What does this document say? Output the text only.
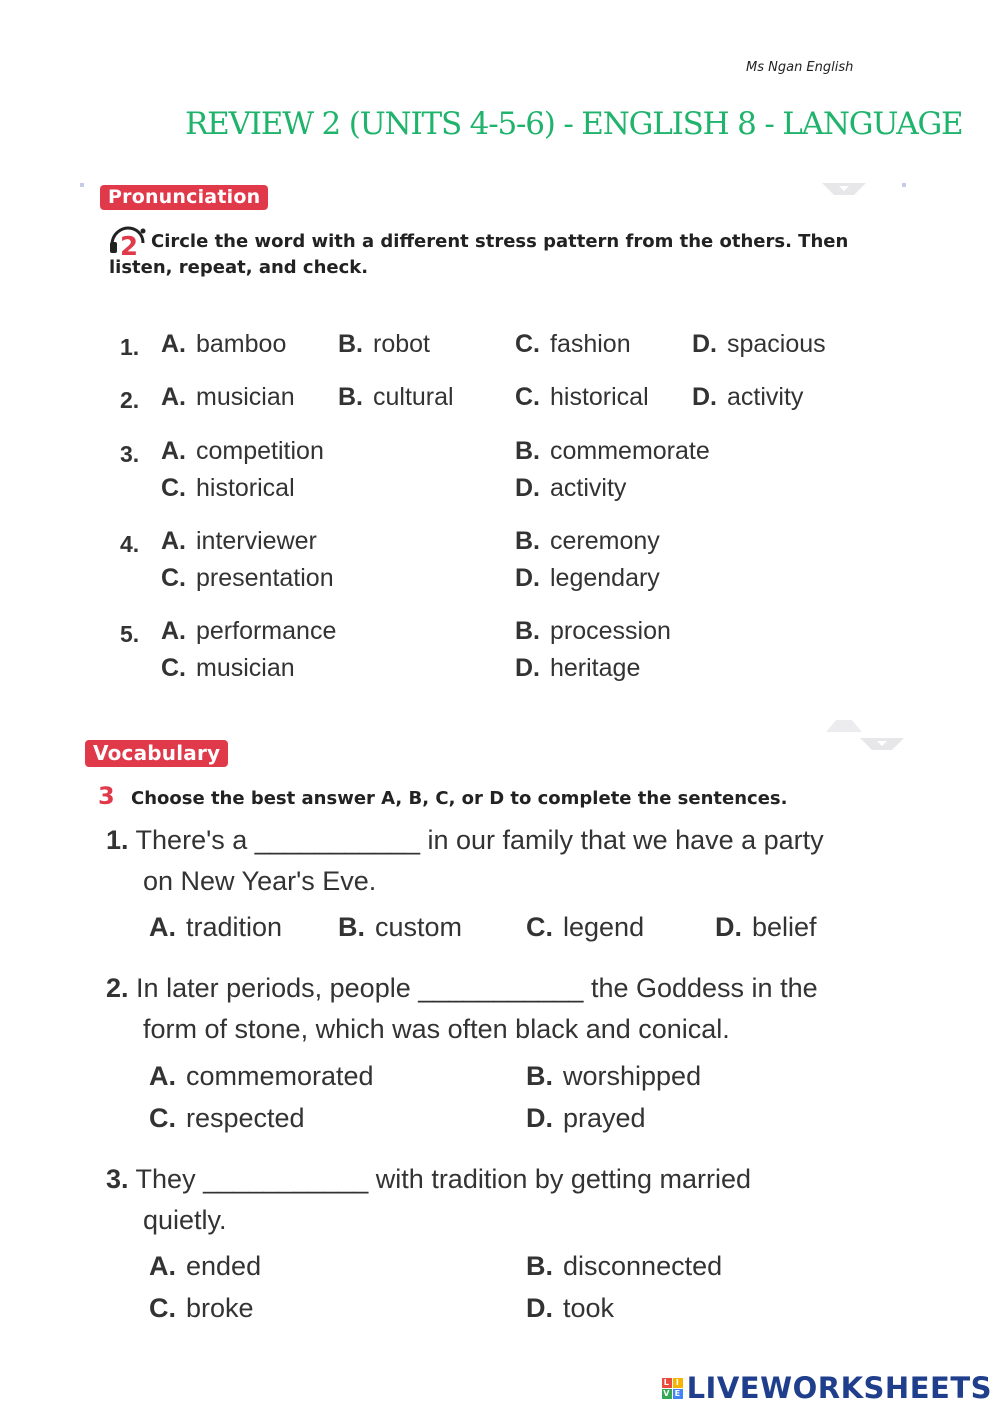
Ms Ngan English
REVIEW 2 (UNITS 4-5-6) - ENGLISH 8 - LANGUAGE
Pronunciation
2 Circle the word with a different stress pattern from the others. Then
listen, repeat, and check.
1. A. bamboo B. robot	C. fashion D. spacious
2. A. musician B. cultural C. historical D. activity
3. A. competition	B. commemorate
C. historical	D. activity
4. A. interviewer	B. ceremony
C. presentation	D. legendary
5. A. performance	B. procession
C. musician	D. heritage
Vocabulary
3 Choose the best answer A, B, C, or D to complete the sentences.
1. There's a ___________ in our family that we have a party
on New Year's Eve.
A. tradition B. custom C. legend	D. belief
2. In later periods, people ___________ the Goddess in the
form of stone, which was often black and conical.
A. commemorated	B. worshipped
C. respected	D. prayed
3. They ___________ with tradition by getting married
quietly.
A. ended	B. disconnected
C. broke	D. took
L I
V E LIVEWORKSHEETS
